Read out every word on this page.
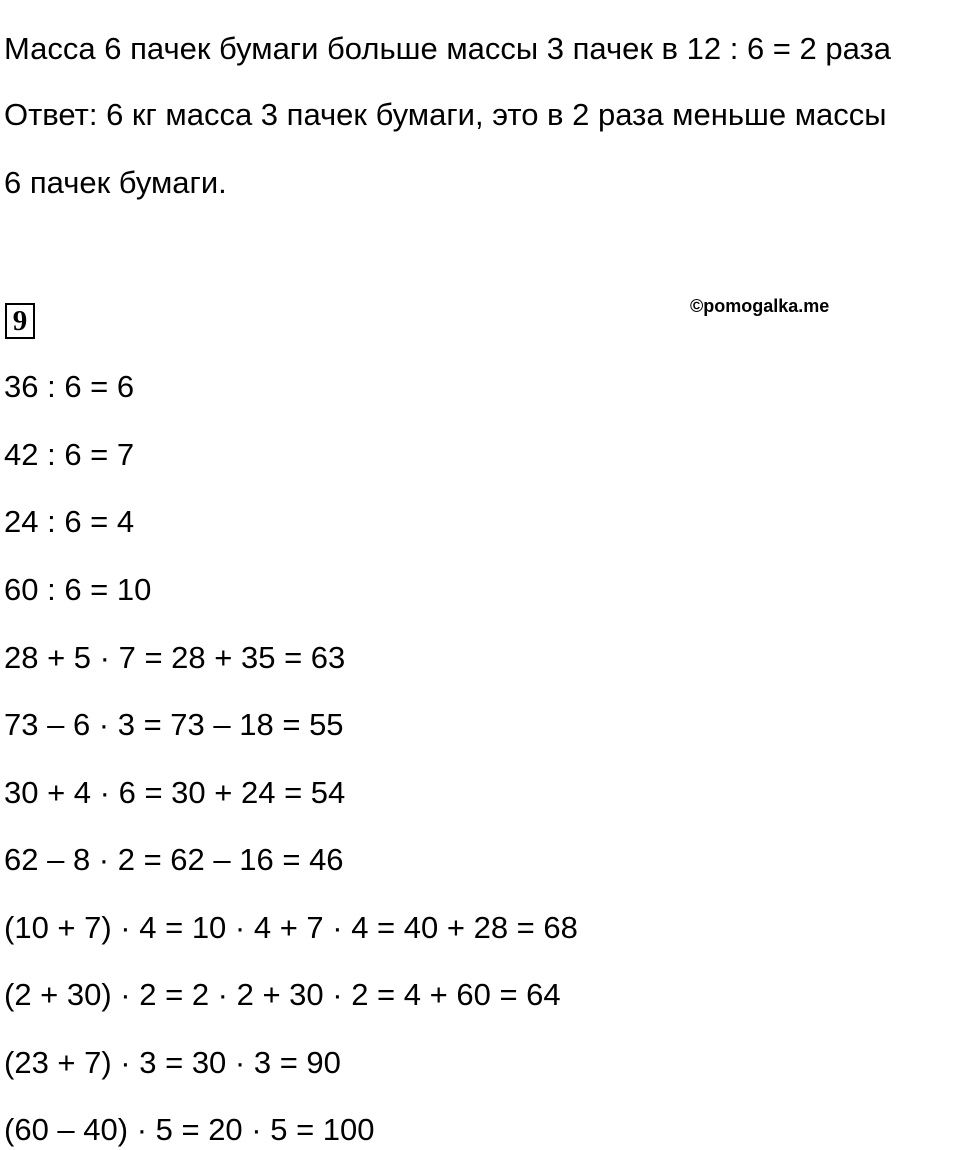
Масса 6 пачек бумаги больше массы 3 пачек в 12 : 6 = 2 раза
Ответ: 6 кг масса 3 пачек бумаги, это в 2 раза меньше массы
6 пачек бумаги.
9	©pomogalka.me
36 : 6 = 6
42 : 6 = 7
24 : 6 = 4
60 : 6 = 10
28 + 5 · 7 = 28 + 35 = 63
73 – 6 · 3 = 73 – 18 = 55
30 + 4 · 6 = 30 + 24 = 54
62 – 8 · 2 = 62 – 16 = 46
(10 + 7) · 4 = 10 · 4 + 7 · 4 = 40 + 28 = 68
(2 + 30) · 2 = 2 · 2 + 30 · 2 = 4 + 60 = 64
(23 + 7) · 3 = 30 · 3 = 90
(60 – 40) · 5 = 20 · 5 = 100
